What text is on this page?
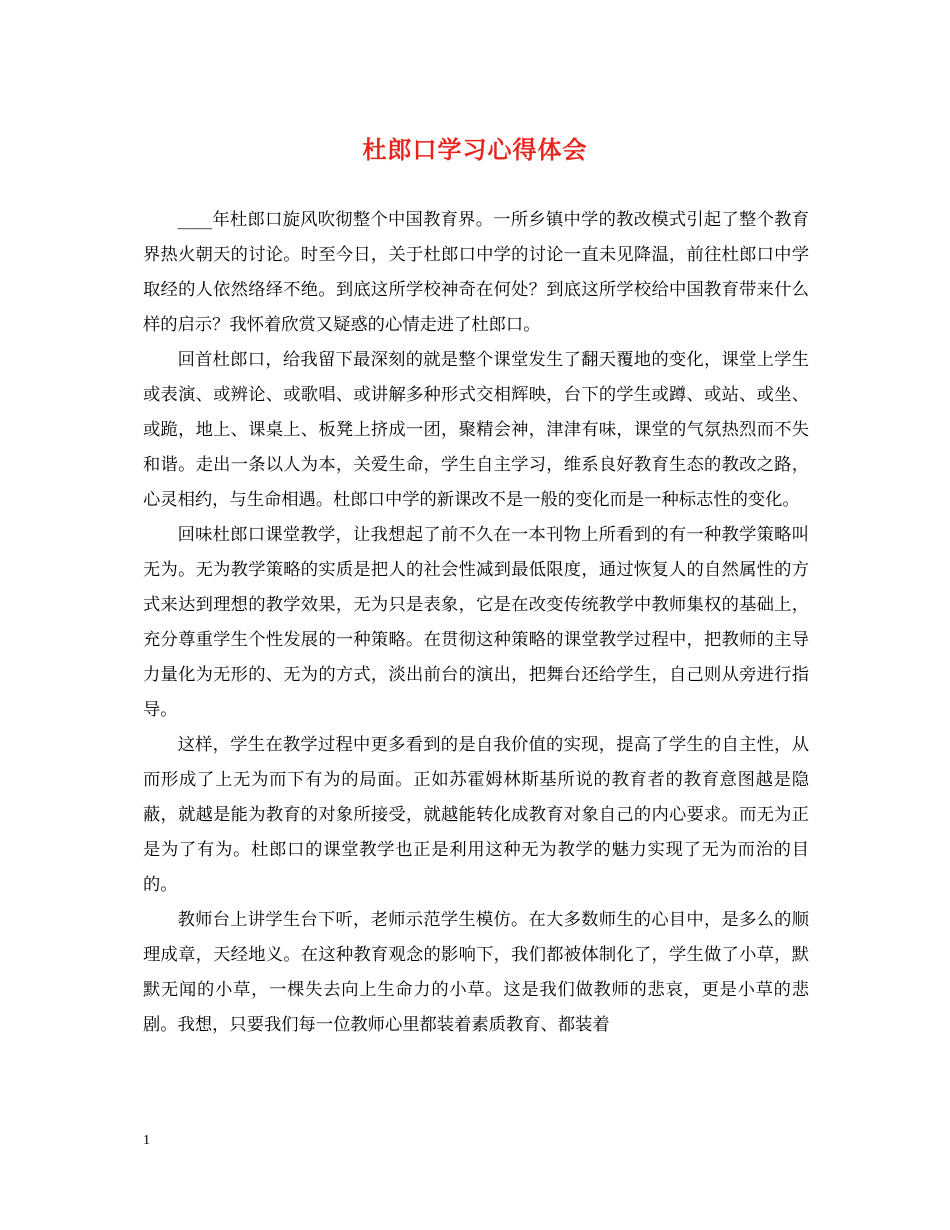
杜郎口学习心得体会

____年杜郎口旋风吹彻整个中国教育界。一所乡镇中学的教改模式引起了整个教育界热火朝天的讨论。时至今日，关于杜郎口中学的讨论一直未见降温，前往杜郎口中学取经的人依然络绎不绝。到底这所学校神奇在何处？到底这所学校给中国教育带来什么样的启示？我怀着欣赏又疑惑的心情走进了杜郎口。

回首杜郎口，给我留下最深刻的就是整个课堂发生了翻天覆地的变化，课堂上学生或表演、或辨论、或歌唱、或讲解多种形式交相辉映，台下的学生或蹲、或站、或坐、或跪，地上、课桌上、板凳上挤成一团，聚精会神，津津有味，课堂的气氛热烈而不失和谐。走出一条以人为本，关爱生命，学生自主学习，维系良好教育生态的教改之路，心灵相约，与生命相遇。杜郎口中学的新课改不是一般的变化而是一种标志性的变化。

回味杜郎口课堂教学，让我想起了前不久在一本刊物上所看到的有一种教学策略叫无为。无为教学策略的实质是把人的社会性减到最低限度，通过恢复人的自然属性的方式来达到理想的教学效果，无为只是表象，它是在改变传统教学中教师集权的基础上，充分尊重学生个性发展的一种策略。在贯彻这种策略的课堂教学过程中，把教师的主导力量化为无形的、无为的方式，淡出前台的演出，把舞台还给学生，自己则从旁进行指导。

这样，学生在教学过程中更多看到的是自我价值的实现，提高了学生的自主性，从而形成了上无为而下有为的局面。正如苏霍姆林斯基所说的教育者的教育意图越是隐蔽，就越是能为教育的对象所接受，就越能转化成教育对象自己的内心要求。而无为正是为了有为。杜郎口的课堂教学也正是利用这种无为教学的魅力实现了无为而治的目的。

教师台上讲学生台下听，老师示范学生模仿。在大多数师生的心目中，是多么的顺理成章，天经地义。在这种教育观念的影响下，我们都被体制化了，学生做了小草，默默无闻的小草，一棵失去向上生命力的小草。这是我们做教师的悲哀，更是小草的悲剧。我想，只要我们每一位教师心里都装着素质教育、都装着

1
